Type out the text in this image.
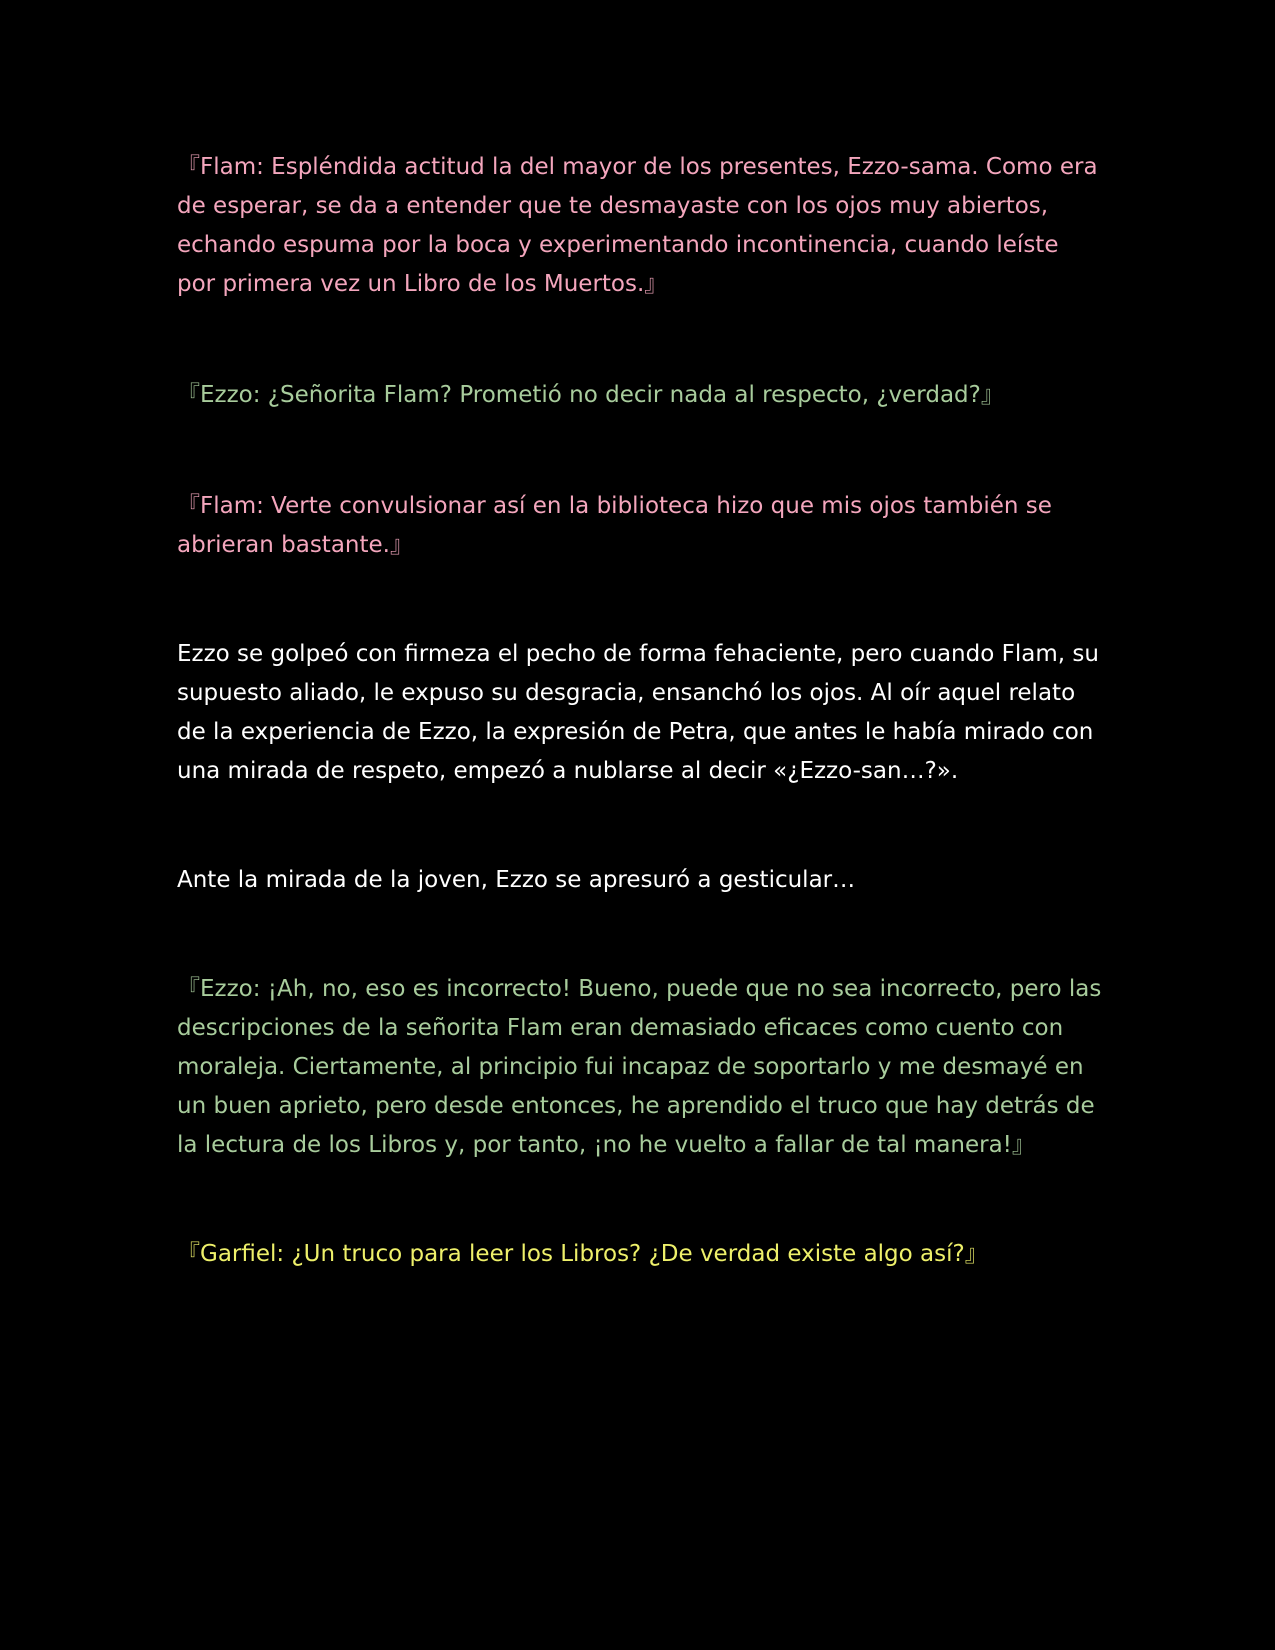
『Flam: Espléndida actitud la del mayor de los presentes, Ezzo-sama. Como era de esperar, se da a entender que te desmayaste con los ojos muy abiertos, echando espuma por la boca y experimentando incontinencia, cuando leíste por primera vez un Libro de los Muertos.』

『Ezzo: ¿Señorita Flam? Prometió no decir nada al respecto, ¿verdad?』

『Flam: Verte convulsionar así en la biblioteca hizo que mis ojos también se abrieran bastante.』

Ezzo se golpeó con firmeza el pecho de forma fehaciente, pero cuando Flam, su supuesto aliado, le expuso su desgracia, ensanchó los ojos. Al oír aquel relato de la experiencia de Ezzo, la expresión de Petra, que antes le había mirado con una mirada de respeto, empezó a nublarse al decir «¿Ezzo-san…?».

Ante la mirada de la joven, Ezzo se apresuró a gesticular…

『Ezzo: ¡Ah, no, eso es incorrecto! Bueno, puede que no sea incorrecto, pero las descripciones de la señorita Flam eran demasiado eficaces como cuento con moraleja. Ciertamente, al principio fui incapaz de soportarlo y me desmayé en un buen aprieto, pero desde entonces, he aprendido el truco que hay detrás de la lectura de los Libros y, por tanto, ¡no he vuelto a fallar de tal manera!』

『Garfiel: ¿Un truco para leer los Libros? ¿De verdad existe algo así?』
